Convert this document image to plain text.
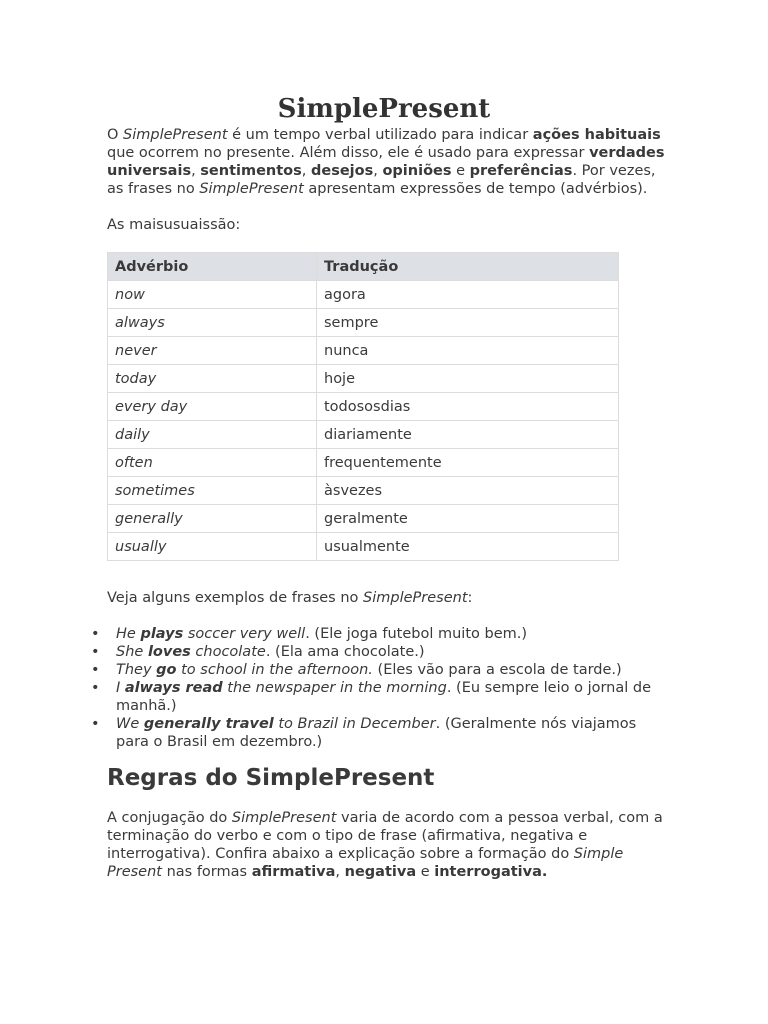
SimplePresent

O SimplePresent é um tempo verbal utilizado para indicar ações habituais que ocorrem no presente. Além disso, ele é usado para expressar verdades
universais, sentimentos, desejos, opiniões e preferências. Por vezes, as frases no SimplePresent apresentam expressões de tempo (advérbios).

As maisusuaissão:

Advérbio	Tradução
now	agora
always	sempre
never	nunca
today	hoje
every day	todososdias
daily	diariamente
often	frequentemente
sometimes	àsvezes
generally	geralmente
usually	usualmente

Veja alguns exemplos de frases no SimplePresent:

• He plays soccer very well. (Ele joga futebol muito bem.)
• She loves chocolate. (Ela ama chocolate.)
• They go to school in the afternoon. (Eles vão para a escola de tarde.)
• I always read the newspaper in the morning. (Eu sempre leio o jornal de manhã.)
• We generally travel to Brazil in December. (Geralmente nós viajamos para o Brasil em dezembro.)
Regras do SimplePresent

A conjugação do SimplePresent varia de acordo com a pessoa verbal, com a terminação do verbo e com o tipo de frase (afirmativa, negativa e interrogativa). Confira abaixo a explicação sobre a formação do Simple Present nas formas afirmativa, negativa e interrogativa.
